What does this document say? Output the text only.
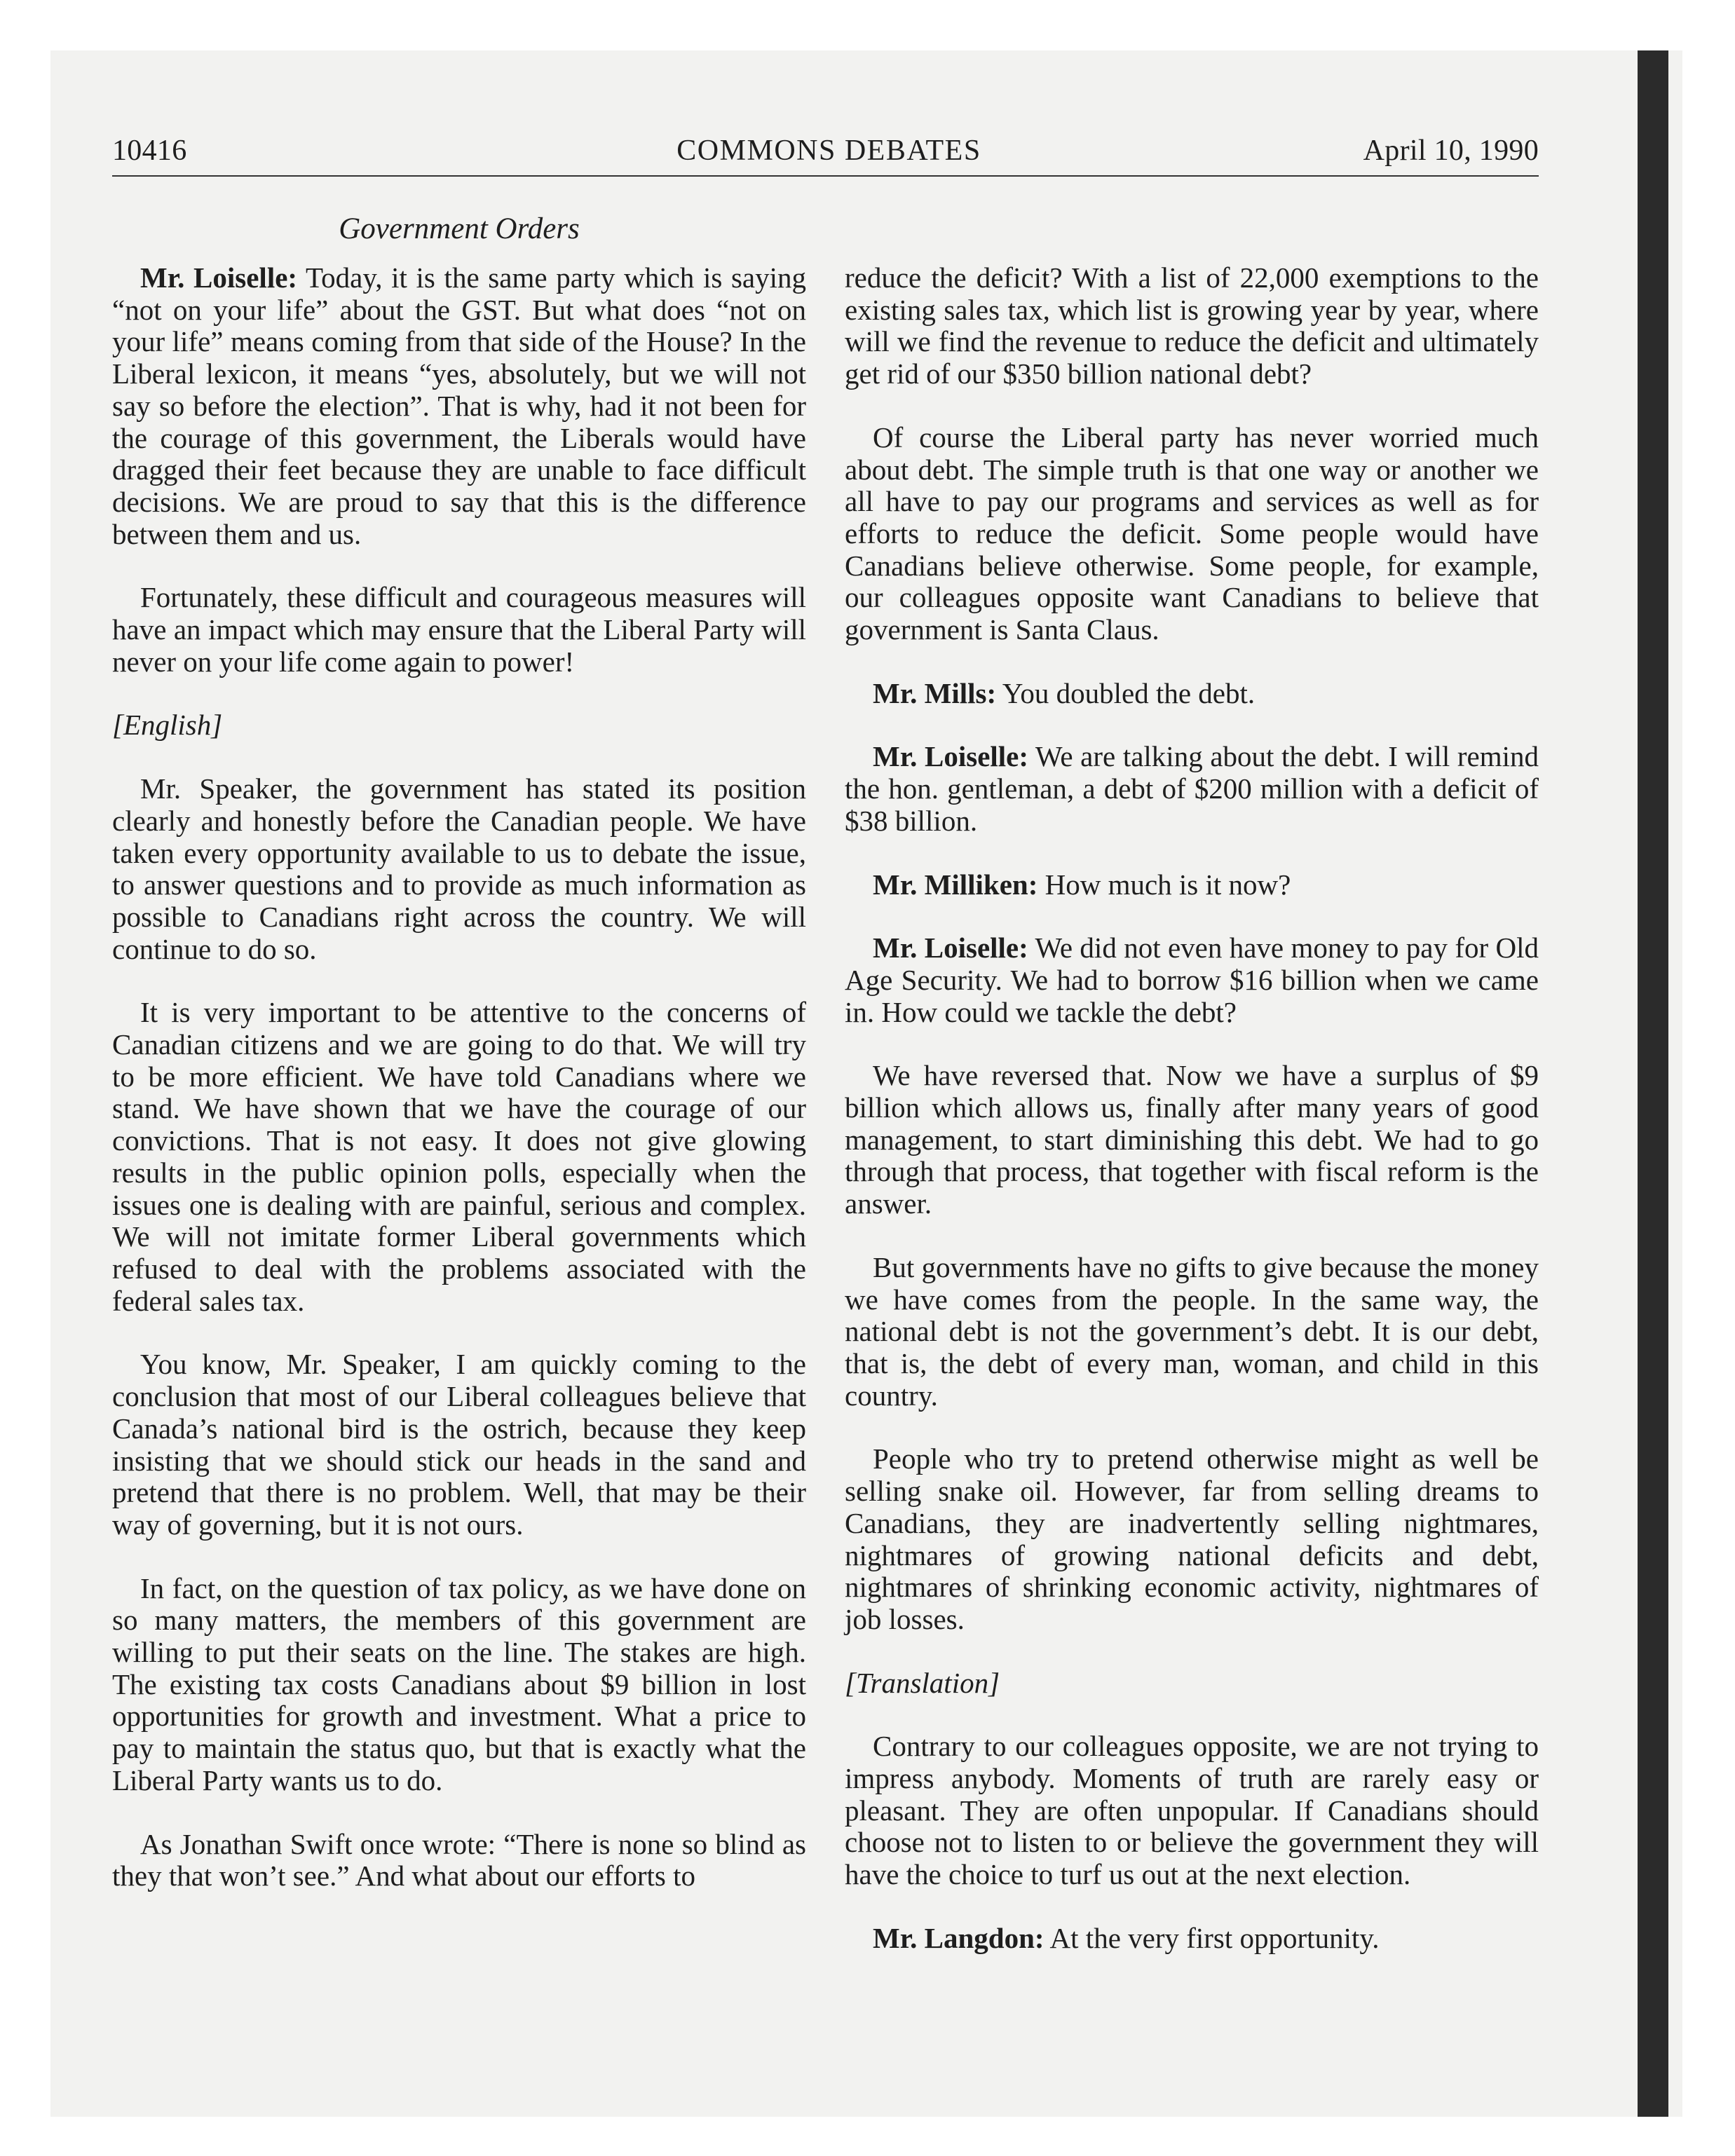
10416	COMMONS DEBATES	April 10, 1990
Government Orders

Mr. Loiselle: Today, it is the same party which is saying “not on your life” about the GST. But what does “not on your life” means coming from that side of the House? In the Liberal lexicon, it means “yes, absolutely, but we will not say so before the election”. That is why, had it not been for the courage of this government, the Liberals would have dragged their feet because they are unable to face difficult decisions. We are proud to say that this is the difference between them and us.

Fortunately, these difficult and courageous measures will have an impact which may ensure that the Liberal Party will never on your life come again to power!

[English]

Mr. Speaker, the government has stated its position clearly and honestly before the Canadian people. We have taken every opportunity available to us to debate the issue, to answer questions and to provide as much information as possible to Canadians right across the country. We will continue to do so.

It is very important to be attentive to the concerns of Canadian citizens and we are going to do that. We will try to be more efficient. We have told Canadians where we stand. We have shown that we have the courage of our convictions. That is not easy. It does not give glowing results in the public opinion polls, especially when the issues one is dealing with are painful, serious and complex. We will not imitate former Liberal governments which refused to deal with the problems associated with the federal sales tax.

You know, Mr. Speaker, I am quickly coming to the conclusion that most of our Liberal colleagues believe that Canada’s national bird is the ostrich, because they keep insisting that we should stick our heads in the sand and pretend that there is no problem. Well, that may be their way of governing, but it is not ours.

In fact, on the question of tax policy, as we have done on so many matters, the members of this government are willing to put their seats on the line. The stakes are high. The existing tax costs Canadians about $9 billion in lost opportunities for growth and investment. What a price to pay to maintain the status quo, but that is exactly what the Liberal Party wants us to do.

As Jonathan Swift once wrote: “There is none so blind as they that won’t see.” And what about our efforts to

reduce the deficit? With a list of 22,000 exemptions to the existing sales tax, which list is growing year by year, where will we find the revenue to reduce the deficit and ultimately get rid of our $350 billion national debt?

Of course the Liberal party has never worried much about debt. The simple truth is that one way or another we all have to pay our programs and services as well as for efforts to reduce the deficit. Some people would have Canadians believe otherwise. Some people, for example, our colleagues opposite want Canadians to believe that government is Santa Claus.

Mr. Mills: You doubled the debt.

Mr. Loiselle: We are talking about the debt. I will remind the hon. gentleman, a debt of $200 million with a deficit of $38 billion.

Mr. Milliken: How much is it now?

Mr. Loiselle: We did not even have money to pay for Old Age Security. We had to borrow $16 billion when we came in. How could we tackle the debt?

We have reversed that. Now we have a surplus of $9 billion which allows us, finally after many years of good management, to start diminishing this debt. We had to go through that process, that together with fiscal reform is the answer.

But governments have no gifts to give because the money we have comes from the people. In the same way, the national debt is not the government’s debt. It is our debt, that is, the debt of every man, woman, and child in this country.

People who try to pretend otherwise might as well be selling snake oil. However, far from selling dreams to Canadians, they are inadvertently selling nightmares, nightmares of growing national deficits and debt, nightmares of shrinking economic activity, nightmares of job losses.

[Translation]

Contrary to our colleagues opposite, we are not trying to impress anybody. Moments of truth are rarely easy or pleasant. They are often unpopular. If Canadians should choose not to listen to or believe the government they will have the choice to turf us out at the next election.

Mr. Langdon: At the very first opportunity.
